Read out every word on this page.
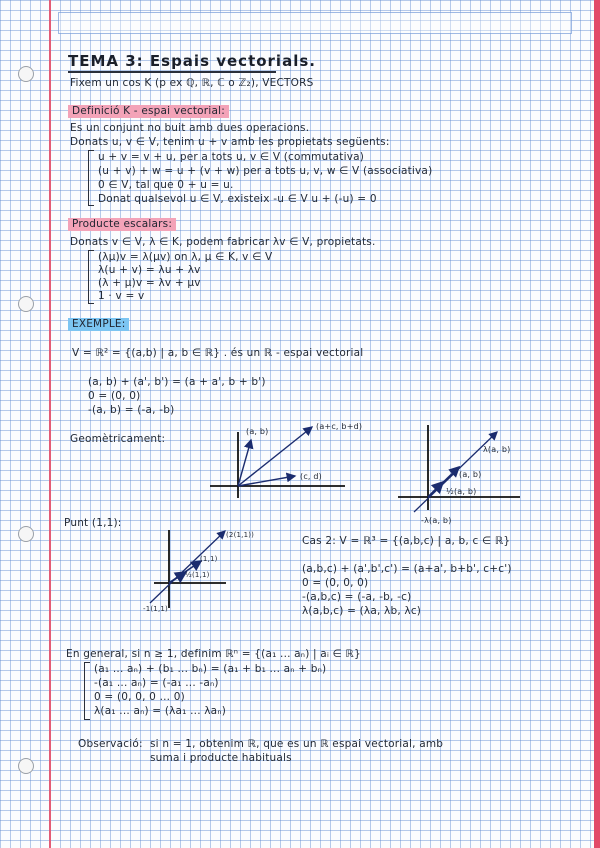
TEMA 3: Espais vectorials.
Fixem un cos K (p ex ℚ, ℝ, ℂ o ℤ₂), VECTORS
Definició K - espai vectorial:
Es un conjunt no buit amb dues operacions.
Donats u, v ∈ V, tenim u + v amb les propietats següents:
u + v = v + u, per a tots u, v ∈ V (commutativa)
(u + v) + w = u + (v + w) per a tots u, v, w ∈ V (associativa)
0 ∈ V, tal que 0 + u = u.
Donat qualsevol u ∈ V, existeix -u ∈ V u + (-u) = 0
Producte escalars:
Donats v ∈ V, λ ∈ K, podem fabricar λv ∈ V, propietats.
(λμ)v = λ(μv) on λ, μ ∈ K, v ∈ V
λ(u + v) = λu + λv
(λ + μ)v = λv + μv
1 · v = v
EXEMPLE:
V = ℝ² = {(a,b) | a, b ∈ ℝ} . és un ℝ - espai vectorial
(a, b) + (a', b') = (a + a', b + b')
0 = (0, 0)
-(a, b) = (-a, -b)
Geomètricament:
(a, b)
(a+c, b+d)
(c, d)
λ(a, b)
(a, b)
½(a, b)
-λ(a, b)
Punt (1,1):
(2(1,1))
(1,1)
½(1,1)
-1(1,1)
Cas 2: V = ℝ³ = {(a,b,c) | a, b, c ∈ ℝ}
(a,b,c) + (a',b',c') = (a+a', b+b', c+c')
0 = (0, 0, 0)
-(a,b,c) = (-a, -b, -c)
λ(a,b,c) = (λa, λb, λc)
En general, si n ≥ 1, definim ℝⁿ = {(a₁ ... aₙ) | aᵢ ∈ ℝ}
(a₁ ... aₙ) + (b₁ ... bₙ) = (a₁ + b₁ ... aₙ + bₙ)
-(a₁ ... aₙ) = (-a₁ ... -aₙ)
0 = (0, 0, 0 ... 0)
λ(a₁ ... aₙ) = (λa₁ ... λaₙ)
Observació: si n = 1, obtenim ℝ, que es un ℝ espai vectorial, amb
suma i producte habituals
